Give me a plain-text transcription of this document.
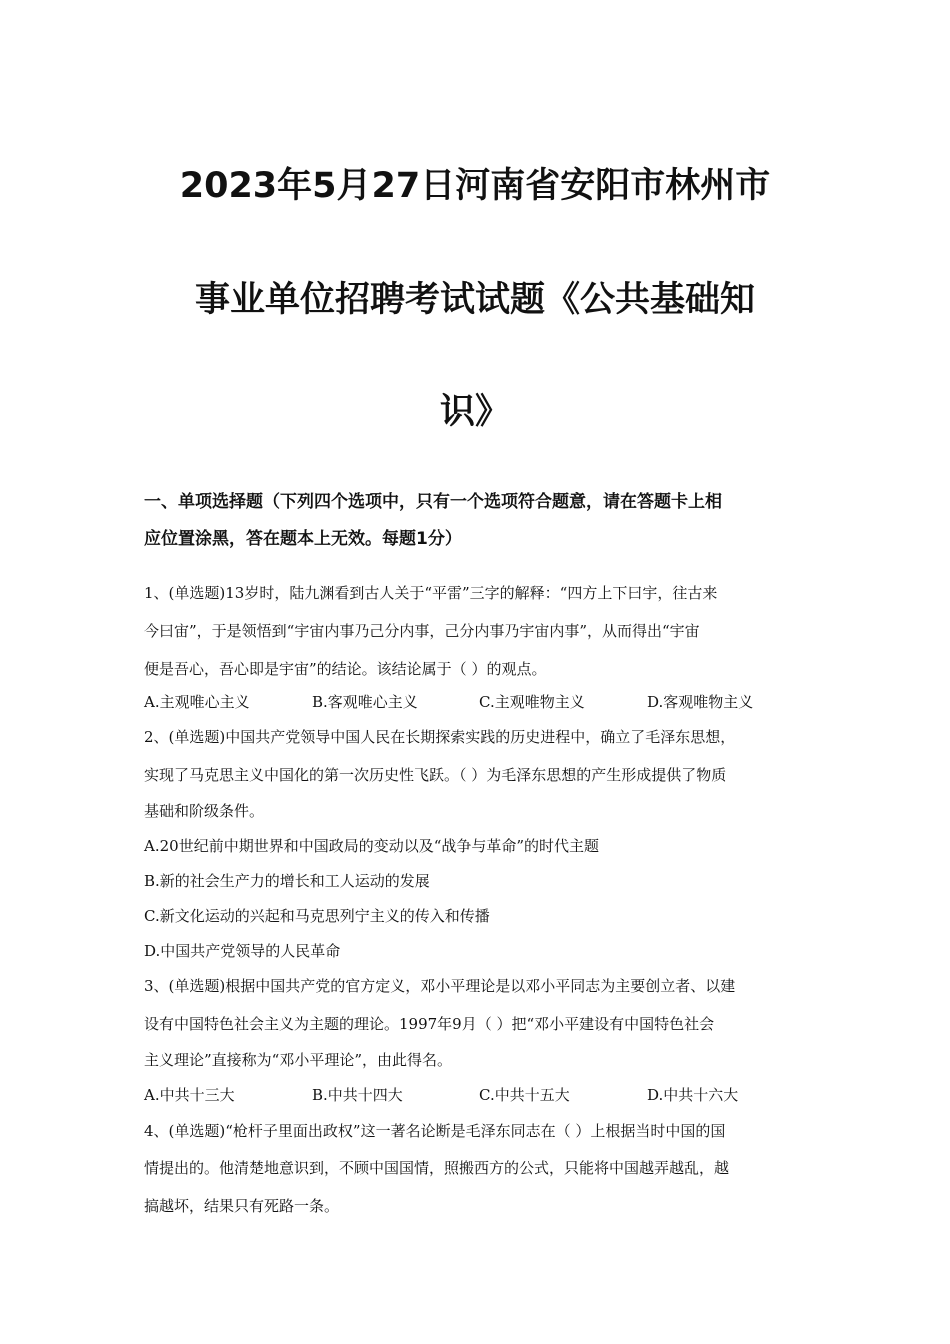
2023年5月27日河南省安阳市林州市
事业单位招聘考试试题《公共基础知
识》
一、单项选择题（下列四个选项中，只有一个选项符合题意，请在答题卡上相
应位置涂黑，答在题本上无效。每题1分）
1、(单选题)13岁时，陆九渊看到古人关于“平雷”三字的解释：“四方上下曰宇，往古来
今曰宙”，于是领悟到“宇宙内事乃己分内事，己分内事乃宇宙内事”，从而得出“宇宙
便是吾心，吾心即是宇宙”的结论。该结论属于（ ）的观点。
A.主观唯心主义	B.客观唯心主义	C.主观唯物主义	D.客观唯物主义
2、(单选题)中国共产党领导中国人民在长期探索实践的历史进程中，确立了毛泽东思想，
实现了马克思主义中国化的第一次历史性飞跃。（ ）为毛泽东思想的产生形成提供了物质
基础和阶级条件。
A.20世纪前中期世界和中国政局的变动以及“战争与革命”的时代主题
B.新的社会生产力的增长和工人运动的发展
C.新文化运动的兴起和马克思列宁主义的传入和传播
D.中国共产党领导的人民革命
3、(单选题)根据中国共产党的官方定义，邓小平理论是以邓小平同志为主要创立者、以建
设有中国特色社会主义为主题的理论。1997年9月（ ）把“邓小平建设有中国特色社会
主义理论”直接称为“邓小平理论”，由此得名。
A.中共十三大	B.中共十四大	C.中共十五大	D.中共十六大
4、(单选题)“枪杆子里面出政权”这一著名论断是毛泽东同志在（ ）上根据当时中国的国
情提出的。他清楚地意识到，不顾中国国情，照搬西方的公式，只能将中国越弄越乱，越
搞越坏，结果只有死路一条。
